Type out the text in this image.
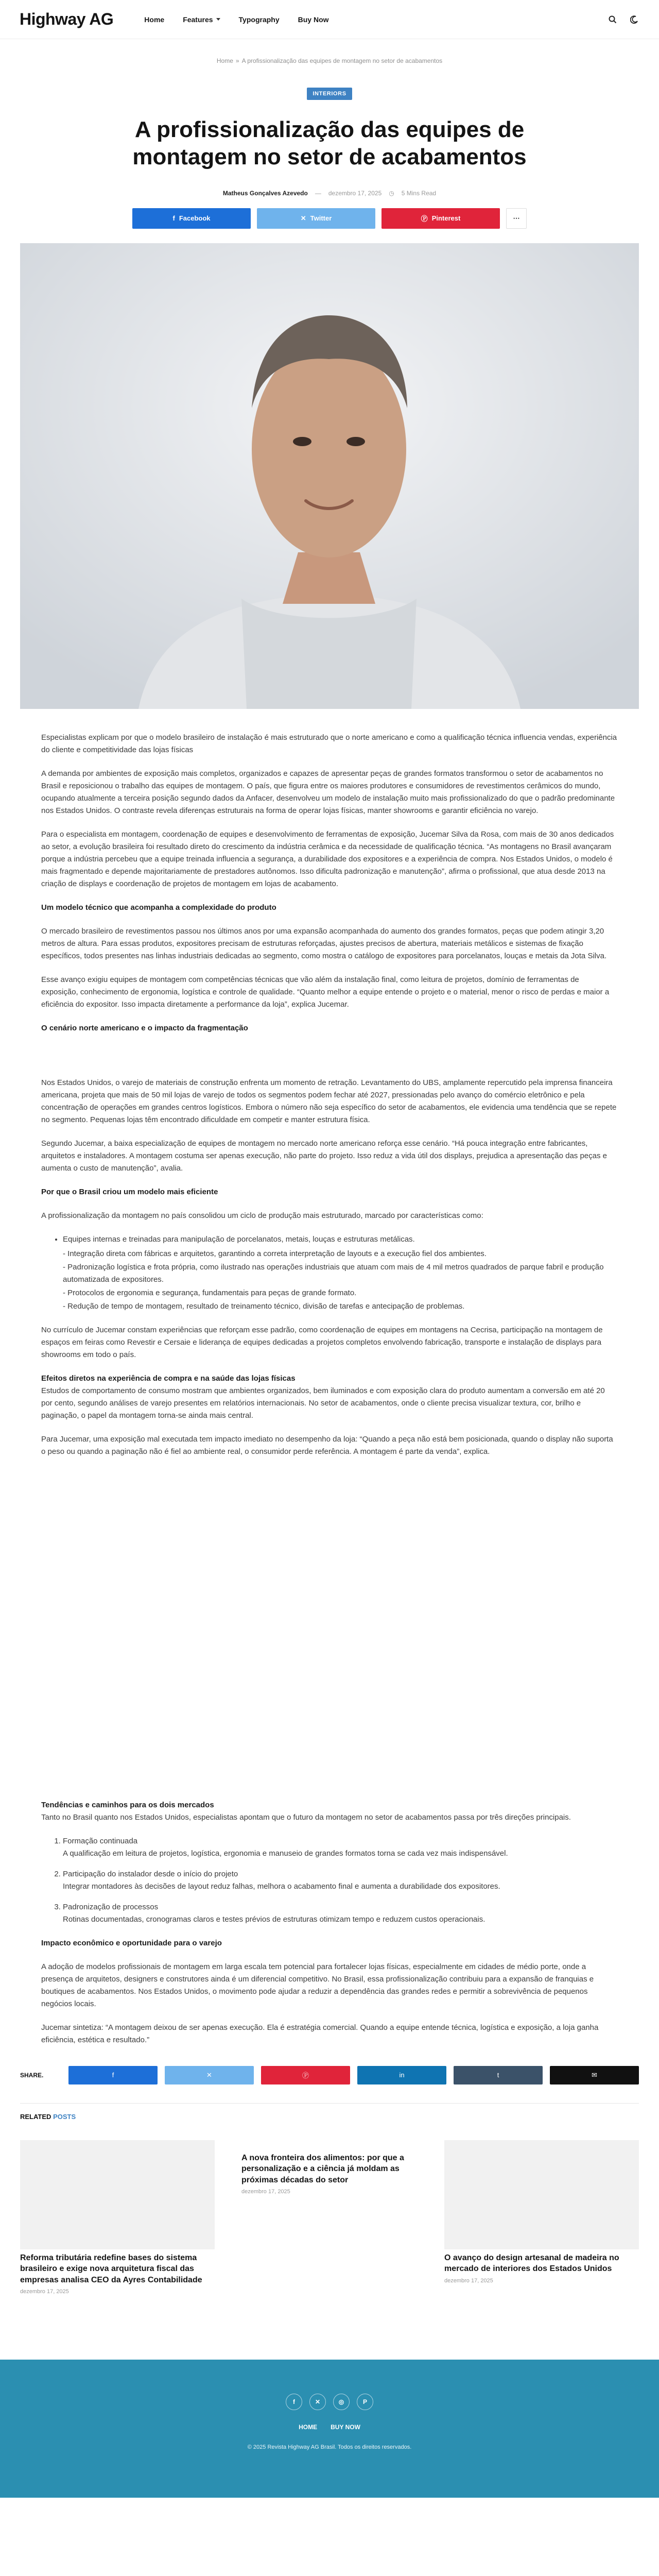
Highway AG	Home	Features	Typography	Buy Now
Home » A profissionalização das equipes de montagem no setor de acabamentos
INTERIORS
A profissionalização das equipes de montagem no setor de acabamentos
Matheus Gonçalves Azevedo — dezembro 17, 2025 ◷ 5 Mins Read
f Facebook	✕ Twitter	Ⓟ Pinterest	⋯

Especialistas explicam por que o modelo brasileiro de instalação é mais estruturado que o norte americano e como a qualificação técnica influencia vendas, experiência do cliente e competitividade das lojas físicas

A demanda por ambientes de exposição mais completos, organizados e capazes de apresentar peças de grandes formatos transformou o setor de acabamentos no Brasil e reposicionou o trabalho das equipes de montagem. O país, que figura entre os maiores produtores e consumidores de revestimentos cerâmicos do mundo, ocupando atualmente a terceira posição segundo dados da Anfacer, desenvolveu um modelo de instalação muito mais profissionalizado do que o padrão predominante nos Estados Unidos. O contraste revela diferenças estruturais na forma de operar lojas físicas, manter showrooms e garantir eficiência no varejo.

Para o especialista em montagem, coordenação de equipes e desenvolvimento de ferramentas de exposição, Jucemar Silva da Rosa, com mais de 30 anos dedicados ao setor, a evolução brasileira foi resultado direto do crescimento da indústria cerâmica e da necessidade de qualificação técnica. “As montagens no Brasil avançaram porque a indústria percebeu que a equipe treinada influencia a segurança, a durabilidade dos expositores e a experiência de compra. Nos Estados Unidos, o modelo é mais fragmentado e depende majoritariamente de prestadores autônomos. Isso dificulta padronização e manutenção”, afirma o profissional, que atua desde 2013 na criação de displays e coordenação de projetos de montagem em lojas de acabamento.

Um modelo técnico que acompanha a complexidade do produto

O mercado brasileiro de revestimentos passou nos últimos anos por uma expansão acompanhada do aumento dos grandes formatos, peças que podem atingir 3,20 metros de altura. Para essas produtos, expositores precisam de estruturas reforçadas, ajustes precisos de abertura, materiais metálicos e sistemas de fixação específicos, todos presentes nas linhas industriais dedicadas ao segmento, como mostra o catálogo de expositores para porcelanatos, louças e metais da Jota Silva.

Esse avanço exigiu equipes de montagem com competências técnicas que vão além da instalação final, como leitura de projetos, domínio de ferramentas de exposição, conhecimento de ergonomia, logística e controle de qualidade. “Quanto melhor a equipe entende o projeto e o material, menor o risco de perdas e maior a eficiência do expositor. Isso impacta diretamente a performance da loja”, explica Jucemar.

O cenário norte americano e o impacto da fragmentação

Nos Estados Unidos, o varejo de materiais de construção enfrenta um momento de retração. Levantamento do UBS, amplamente repercutido pela imprensa financeira americana, projeta que mais de 50 mil lojas de varejo de todos os segmentos podem fechar até 2027, pressionadas pelo avanço do comércio eletrônico e pela concentração de operações em grandes centros logísticos. Embora o número não seja específico do setor de acabamentos, ele evidencia uma tendência que se repete no segmento. Pequenas lojas têm encontrado dificuldade em competir e manter estrutura física.

Segundo Jucemar, a baixa especialização de equipes de montagem no mercado norte americano reforça esse cenário. “Há pouca integração entre fabricantes, arquitetos e instaladores. A montagem costuma ser apenas execução, não parte do projeto. Isso reduz a vida útil dos displays, prejudica a apresentação das peças e aumenta o custo de manutenção”, avalia.

Por que o Brasil criou um modelo mais eficiente

A profissionalização da montagem no país consolidou um ciclo de produção mais estruturado, marcado por características como:

• Equipes internas e treinadas para manipulação de porcelanatos, metais, louças e estruturas metálicas.
- Integração direta com fábricas e arquitetos, garantindo a correta interpretação de layouts e a execução fiel dos ambientes.
- Padronização logística e frota própria, como ilustrado nas operações industriais que atuam com mais de 4 mil metros quadrados de parque fabril e produção automatizada de expositores.
- Protocolos de ergonomia e segurança, fundamentais para peças de grande formato.
- Redução de tempo de montagem, resultado de treinamento técnico, divisão de tarefas e antecipação de problemas.

No currículo de Jucemar constam experiências que reforçam esse padrão, como coordenação de equipes em montagens na Cecrisa, participação na montagem de espaços em feiras como Revestir e Cersaie e liderança de equipes dedicadas a projetos completos envolvendo fabricação, transporte e instalação de displays para showrooms em todo o país.

Efeitos diretos na experiência de compra e na saúde das lojas físicas

Estudos de comportamento de consumo mostram que ambientes organizados, bem iluminados e com exposição clara do produto aumentam a conversão em até 20 por cento, segundo análises de varejo presentes em relatórios internacionais. No setor de acabamentos, onde o cliente precisa visualizar textura, cor, brilho e paginação, o papel da montagem torna-se ainda mais central.

Para Jucemar, uma exposição mal executada tem impacto imediato no desempenho da loja: “Quando a peça não está bem posicionada, quando o display não suporta o peso ou quando a paginação não é fiel ao ambiente real, o consumidor perde referência. A montagem é parte da venda”, explica.

Tendências e caminhos para os dois mercados

Tanto no Brasil quanto nos Estados Unidos, especialistas apontam que o futuro da montagem no setor de acabamentos passa por três direções principais.

1. Formação continuada
A qualificação em leitura de projetos, logística, ergonomia e manuseio de grandes formatos torna se cada vez mais indispensável.
2. Participação do instalador desde o início do projeto
Integrar montadores às decisões de layout reduz falhas, melhora o acabamento final e aumenta a durabilidade dos expositores.
3. Padronização de processos
Rotinas documentadas, cronogramas claros e testes prévios de estruturas otimizam tempo e reduzem custos operacionais.
Impacto econômico e oportunidade para o varejo

A adoção de modelos profissionais de montagem em larga escala tem potencial para fortalecer lojas físicas, especialmente em cidades de médio porte, onde a presença de arquitetos, designers e construtores ainda é um diferencial competitivo. No Brasil, essa profissionalização contribuiu para a expansão de franquias e boutiques de acabamentos. Nos Estados Unidos, o movimento pode ajudar a reduzir a dependência das grandes redes e permitir a sobrevivência de pequenos negócios locais.

Jucemar sintetiza: “A montagem deixou de ser apenas execução. Ela é estratégia comercial. Quando a equipe entende técnica, logística e exposição, a loja ganha eficiência, estética e resultado.”

SHARE.	f	✕	Ⓟ	in	t	✉
RELATED POSTS
Reforma tributária redefine bases do sistema brasileiro e exige nova arquitetura fiscal das empresas analisa CEO da Ayres Contabilidade
dezembro 17, 2025
A nova fronteira dos alimentos: por que a personalização e a ciência já moldam as próximas décadas do setor
dezembro 17, 2025
O avanço do design artesanal de madeira no mercado de interiores dos Estados Unidos
dezembro 17, 2025
f	✕	◎	P
HOME BUY NOW
© 2025 Revista Highway AG Brasil. Todos os direitos reservados.
